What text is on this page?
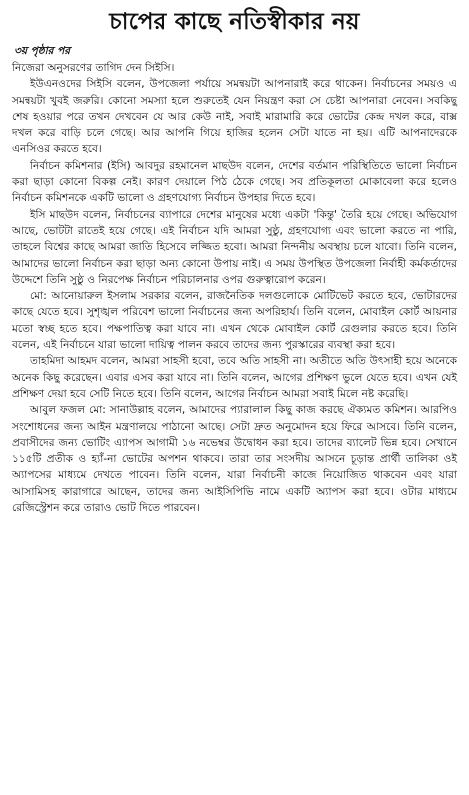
চাপের কাছে নতিস্বীকার নয়
৩য় পৃষ্ঠার পর

নিজেরা অনুসরণের তাগিদ দেন সিইসি।

ইউএনওদের সিইসি বলেন, উপজেলা পর্যায়ে সমন্বয়টা আপনারাই করে থাকেন। নির্বাচনের সময়ও এ সমন্বয়টা খুবই জরুরি। কোনো সমস্যা হলে শুরুতেই যেন নিয়ন্ত্রণ করা সে চেষ্টা আপনারা নেবেন। সবকিছু শেষ হওয়ার পরে তখন দেখবেন যে আর কেউ নাই, সবাই মারামারি করে ভোটের কেন্দ্র দখল করে, বাক্স দখল করে বাড়ি চলে গেছে। আর আপনি গিয়ে হাজির হলেন সেটা যাতে না হয়। এটি আপনাদেরকে এনসিওর করতে হবে।

নির্বাচন কমিশনার (ইসি) আবদুর রহমানেল মাছউদ বলেন, দেশের বর্তমান পরিস্থিতিতে ভালো নির্বাচন করা ছাড়া কোনো বিকল্প নেই। কারণ দেয়ালে পিঠ ঠেকে গেছে। সব প্রতিকূলতা মোকাবেলা করে হলেও নির্বাচন কমিশনকে একটি ভালো ও গ্রহণযোগ্য নির্বাচন উপহার দিতে হবে।

ইসি মাছউদ বলেন, নির্বাচনের ব্যাপারে দেশের মানুষের মধ্যে একটা 'কিন্তু' তৈরি হয়ে গেছে। অভিযোগ আছে, ভোটটা রাতেই হয়ে গেছে। এই নির্বাচন যদি আমরা সুষ্ঠু, গ্রহণযোগ্য এবং ভালো করতে না পারি, তাহলে বিশ্বের কাছে আমরা জাতি হিসেবে লজ্জিত হবো। আমরা নিন্দনীয় অবস্থায় চলে যাবো। তিনি বলেন, আমাদের ভালো নির্বাচন করা ছাড়া অন্য কোনো উপায় নাই। এ সময় উপস্থিত উপজেলা নির্বাহী কর্মকর্তাদের উদ্দেশে তিনি সুষ্ঠু ও নিরপেক্ষ নির্বাচন পরিচালনার ওপর গুরুত্বারোপ করেন।

মো: আনোয়ারুল ইসলাম সরকার বলেন, রাজনৈতিক দলগুলোকে মোটিভেট করতে হবে, ভোটারদের কাছে যেতে হবে। সুশৃঙ্খল পরিবেশ ভালো নির্বাচনের জন্য অপরিহার্য। তিনি বলেন, মোবাইল কোর্ট আয়নার মতো স্বচ্ছ হতে হবে। পক্ষপাতিত্ব করা যাবে না। এখন থেকে মোবাইল কোর্ট রেগুলার করতে হবে। তিনি বলেন, এই নির্বাচনে যারা ভালো দায়িত্ব পালন করবে তাদের জন্য পুরস্কারের ব্যবস্থা করা হবে।

তাহমিদা আহমদ বলেন, আমরা সাহসী হবো, তবে অতি সাহসী না। অতীতে অতি উৎসাহী হয়ে অনেকে অনেক কিছু করেছেন। এবার এসব করা যাবে না। তিনি বলেন, আগের প্রশিক্ষণ ভুলে যেতে হবে। এখন যেই প্রশিক্ষণ দেয়া হবে সেটি নিতে হবে। তিনি বলেন, আগের নির্বাচন আমরা সবাই মিলে নষ্ট করেছি।

আবুল ফজল মো: সানাউল্লাহ বলেন, আমাদের প্যারালাল কিছু কাজ করছে ঐক্যমত কমিশন। আরপিও সংশোধনের জন্য আইন মন্ত্রণালয়ে পাঠানো আছে। সেটা দ্রুত অনুমোদন হয়ে ফিরে আসবে। তিনি বলেন, প্রবাসীদের জন্য ভোটিং এ্যাপস আগামী ১৬ নভেম্বর উদ্বোধন করা হবে। তাদের ব্যালেট ভিন্ন হবে। সেখানে ১১৫টি প্রতীক ও হ্যাঁ-না ভোটের অপশন থাকবে। তারা তার সংসদীয় আসনে চূড়ান্ত প্রার্থী তালিকা ওই অ্যাপসের মাধ্যমে দেখতে পাবেন। তিনি বলেন, যারা নির্বাচনী কাজে নিয়োজিত থাকবেন এবং যারা আসামিসহ কারাগারে আছেন, তাদের জন্য আইসিপিভি নামে একটি অ্যাপস করা হবে। ওটার মাধ্যমে রেজিস্ট্রেশন করে তারাও ভোট দিতে পারবেন।
